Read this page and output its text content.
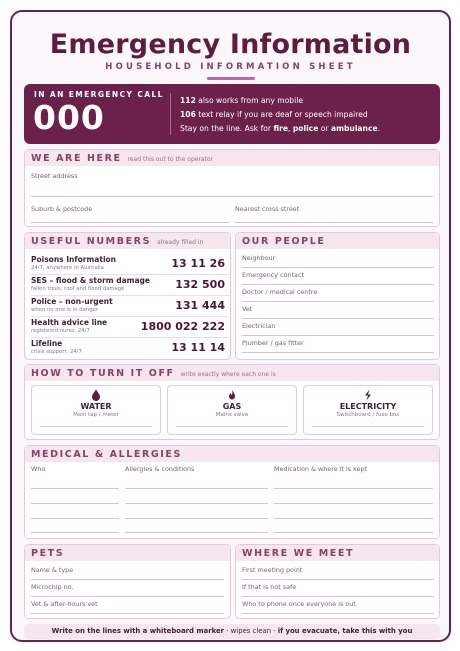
Emergency Information
HOUSEHOLD INFORMATION SHEET
IN AN EMERGENCY CALL
000	112 also works from any mobile
106 text relay if you are deaf or speech impaired
Stay on the line. Ask for fire, police or ambulance.
WE ARE HERE read this out to the operator
Street address
Suburb & postcode	Nearest cross street
USEFUL NUMBERS already filled in
Poisons Information
24/7, anywhere in Australia	13 11 26
SES – flood & storm damage
fallen trees, roof and flood damage	132 500
Police – non-urgent
when no one is in danger	131 444
Health advice line
registered nurse, 24/7	1800 022 222
Lifeline
crisis support, 24/7	13 11 14
OUR PEOPLE
Neighbour
Emergency contact
Doctor / medical centre
Vet
Electrician
Plumber / gas fitter
HOW TO TURN IT OFF write exactly where each one is
WATER
Main tap / meter
GAS
Mains valve
ELECTRICITY
Switchboard / fuse box
MEDICAL & ALLERGIES
Who	Allergies & conditions	Medication & where it is kept
PETS
Name & type
Microchip no.
Vet & after-hours vet
WHERE WE MEET
First meeting point
If that is not safe
Who to phone once everyone is out
Write on the lines with a whiteboard marker · wipes clean · if you evacuate, take this with you
